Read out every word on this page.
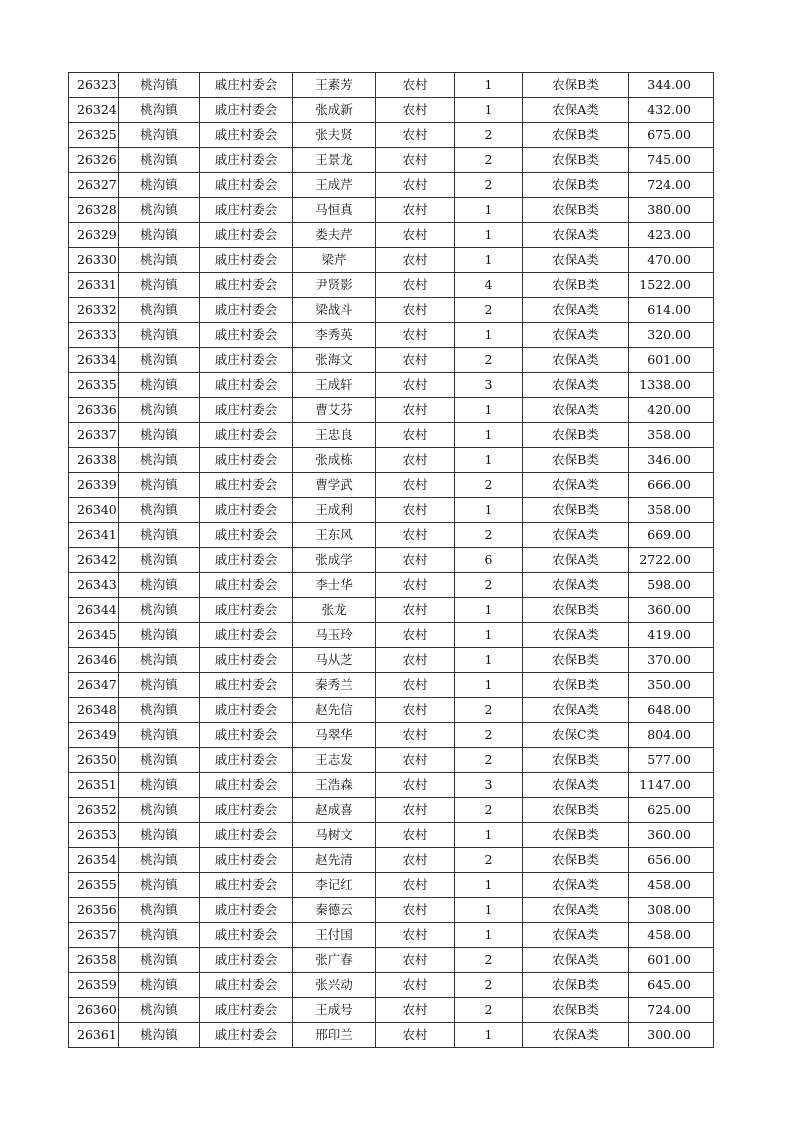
26323	桃沟镇	戚庄村委会	王素芳	农村	1	农保B类	344.00
26324	桃沟镇	戚庄村委会	张成新	农村	1	农保A类	432.00
26325	桃沟镇	戚庄村委会	张夫贤	农村	2	农保B类	675.00
26326	桃沟镇	戚庄村委会	王景龙	农村	2	农保B类	745.00
26327	桃沟镇	戚庄村委会	王成芹	农村	2	农保B类	724.00
26328	桃沟镇	戚庄村委会	马恒真	农村	1	农保B类	380.00
26329	桃沟镇	戚庄村委会	娄夫芹	农村	1	农保A类	423.00
26330	桃沟镇	戚庄村委会	梁芹	农村	1	农保A类	470.00
26331	桃沟镇	戚庄村委会	尹贤影	农村	4	农保B类	1522.00
26332	桃沟镇	戚庄村委会	梁战斗	农村	2	农保A类	614.00
26333	桃沟镇	戚庄村委会	李秀英	农村	1	农保A类	320.00
26334	桃沟镇	戚庄村委会	张海文	农村	2	农保A类	601.00
26335	桃沟镇	戚庄村委会	王成轩	农村	3	农保A类	1338.00
26336	桃沟镇	戚庄村委会	曹艾芬	农村	1	农保A类	420.00
26337	桃沟镇	戚庄村委会	王忠良	农村	1	农保B类	358.00
26338	桃沟镇	戚庄村委会	张成栋	农村	1	农保B类	346.00
26339	桃沟镇	戚庄村委会	曹学武	农村	2	农保A类	666.00
26340	桃沟镇	戚庄村委会	王成利	农村	1	农保B类	358.00
26341	桃沟镇	戚庄村委会	王东风	农村	2	农保A类	669.00
26342	桃沟镇	戚庄村委会	张成学	农村	6	农保A类	2722.00
26343	桃沟镇	戚庄村委会	李士华	农村	2	农保A类	598.00
26344	桃沟镇	戚庄村委会	张龙	农村	1	农保B类	360.00
26345	桃沟镇	戚庄村委会	马玉玲	农村	1	农保A类	419.00
26346	桃沟镇	戚庄村委会	马从芝	农村	1	农保B类	370.00
26347	桃沟镇	戚庄村委会	秦秀兰	农村	1	农保B类	350.00
26348	桃沟镇	戚庄村委会	赵先信	农村	2	农保A类	648.00
26349	桃沟镇	戚庄村委会	马翠华	农村	2	农保C类	804.00
26350	桃沟镇	戚庄村委会	王志发	农村	2	农保B类	577.00
26351	桃沟镇	戚庄村委会	王浩森	农村	3	农保A类	1147.00
26352	桃沟镇	戚庄村委会	赵成喜	农村	2	农保B类	625.00
26353	桃沟镇	戚庄村委会	马树文	农村	1	农保B类	360.00
26354	桃沟镇	戚庄村委会	赵先清	农村	2	农保B类	656.00
26355	桃沟镇	戚庄村委会	李记红	农村	1	农保A类	458.00
26356	桃沟镇	戚庄村委会	秦德云	农村	1	农保A类	308.00
26357	桃沟镇	戚庄村委会	王付国	农村	1	农保A类	458.00
26358	桃沟镇	戚庄村委会	张广春	农村	2	农保A类	601.00
26359	桃沟镇	戚庄村委会	张兴动	农村	2	农保B类	645.00
26360	桃沟镇	戚庄村委会	王成号	农村	2	农保B类	724.00
26361	桃沟镇	戚庄村委会	邢印兰	农村	1	农保A类	300.00
